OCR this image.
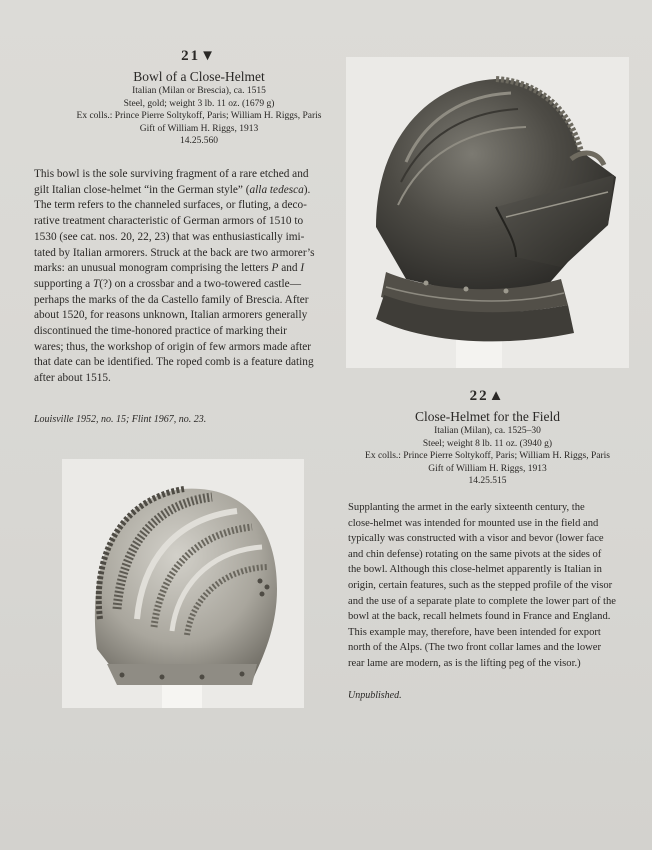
21▼
Bowl of a Close-Helmet
Italian (Milan or Brescia), ca. 1515
Steel, gold; weight 3 lb. 11 oz. (1679 g)
Ex colls.: Prince Pierre Soltykoff, Paris; William H. Riggs, Paris
Gift of William H. Riggs, 1913
14.25.560
This bowl is the sole surviving fragment of a rare etched and
gilt Italian close-helmet “in the German style” (alla tedesca).
The term refers to the channeled surfaces, or fluting, a deco-
rative treatment characteristic of German armors of 1510 to
1530 (see cat. nos. 20, 22, 23) that was enthusiastically imi-
tated by Italian armorers. Struck at the back are two armorer’s
marks: an unusual monogram comprising the letters P and I
supporting a T(?) on a crossbar and a two-towered castle—
perhaps the marks of the da Castello family of Brescia. After
about 1520, for reasons unknown, Italian armorers generally
discontinued the time-honored practice of marking their
wares; thus, the workshop of origin of few armors made after
that date can be identified. The roped comb is a feature dating
after about 1515.
Louisville 1952, no. 15; Flint 1967, no. 23.
22▲
Close-Helmet for the Field
Italian (Milan), ca. 1525–30
Steel; weight 8 lb. 11 oz. (3940 g)
Ex colls.: Prince Pierre Soltykoff, Paris; William H. Riggs, Paris
Gift of William H. Riggs, 1913
14.25.515
Supplanting the armet in the early sixteenth century, the
close-helmet was intended for mounted use in the field and
typically was constructed with a visor and bevor (lower face
and chin defense) rotating on the same pivots at the sides of
the bowl. Although this close-helmet apparently is Italian in
origin, certain features, such as the stepped profile of the visor
and the use of a separate plate to complete the lower part of the
bowl at the back, recall helmets found in France and England.
This example may, therefore, have been intended for export
north of the Alps. (The two front collar lames and the lower
rear lame are modern, as is the lifting peg of the visor.)
Unpublished.
